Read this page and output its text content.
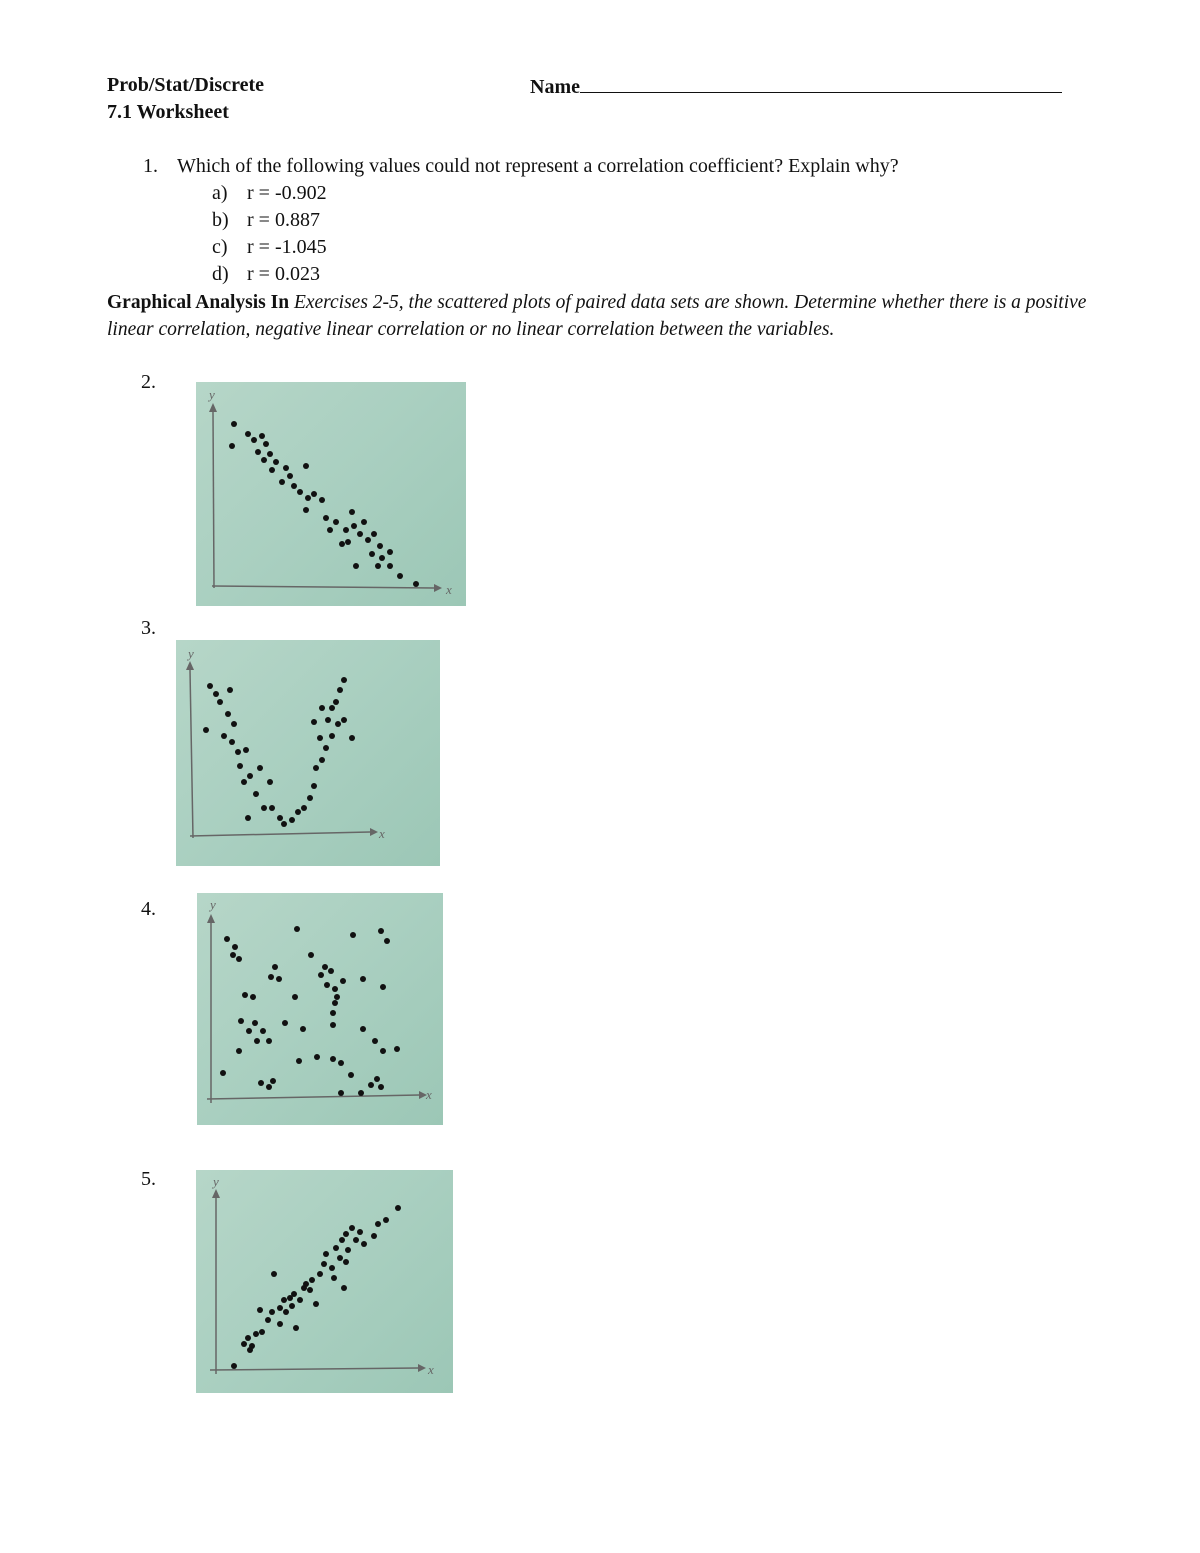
Prob/Stat/Discrete
7.1 Worksheet
Name
1. Which of the following values could not represent a correlation coefficient? Explain why?
a) r = -0.902
b) r = 0.887
c) r = -1.045
d) r = 0.023
Graphical Analysis In Exercises 2-5, the scattered plots of paired data sets are shown. Determine whether there is a positive linear correlation, negative linear correlation or no linear correlation between the variables.
2.
x
y
3.
x
y
4.
x
y
5.
x
y
